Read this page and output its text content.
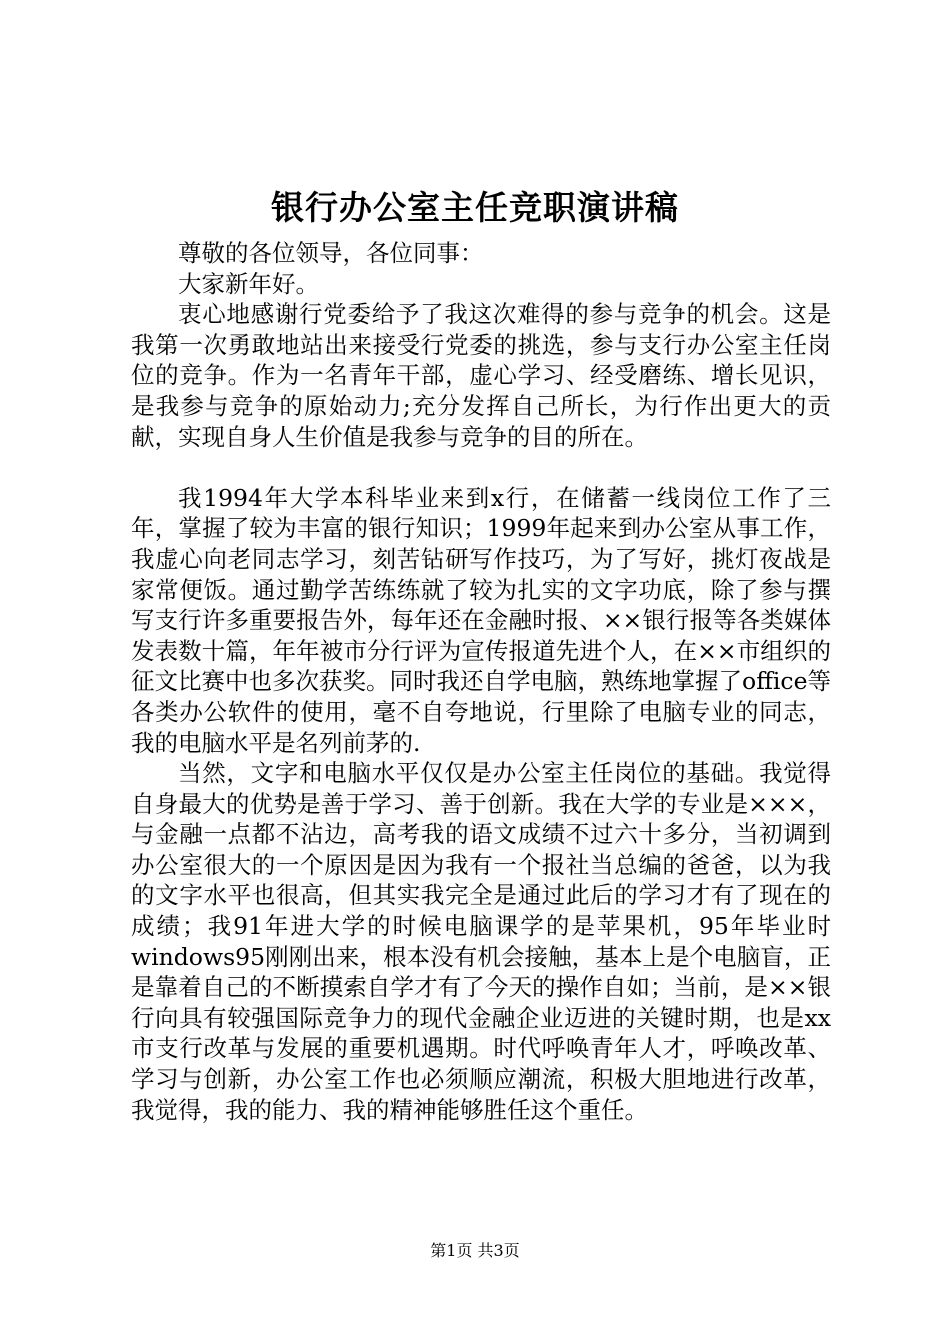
银行办公室主任竞职演讲稿

尊敬的各位领导，各位同事：

大家新年好。

衷心地感谢行党委给予了我这次难得的参与竞争的机会。这是我第一次勇敢地站出来接受行党委的挑选，参与支行办公室主任岗位的竞争。作为一名青年干部，虚心学习、经受磨练、增长见识，是我参与竞争的原始动力;充分发挥自己所长，为行作出更大的贡献，实现自身人生价值是我参与竞争的目的所在。

我1994年大学本科毕业来到x行，在储蓄一线岗位工作了三年，掌握了较为丰富的银行知识；1999年起来到办公室从事工作，我虚心向老同志学习，刻苦钻研写作技巧，为了写好，挑灯夜战是家常便饭。通过勤学苦练练就了较为扎实的文字功底，除了参与撰写支行许多重要报告外，每年还在金融时报、××银行报等各类媒体发表数十篇，年年被市分行评为宣传报道先进个人，在××市组织的征文比赛中也多次获奖。同时我还自学电脑，熟练地掌握了office等各类办公软件的使用，毫不自夸地说，行里除了电脑专业的同志，我的电脑水平是名列前茅的.

当然，文字和电脑水平仅仅是办公室主任岗位的基础。我觉得自身最大的优势是善于学习、善于创新。我在大学的专业是×××，与金融一点都不沾边，高考我的语文成绩不过六十多分，当初调到办公室很大的一个原因是因为我有一个报社当总编的爸爸，以为我的文字水平也很高，但其实我完全是通过此后的学习才有了现在的成绩；我91年进大学的时候电脑课学的是苹果机，95年毕业时windows95刚刚出来，根本没有机会接触，基本上是个电脑盲，正是靠着自己的不断摸索自学才有了今天的操作自如；当前，是××银行向具有较强国际竞争力的现代金融企业迈进的关键时期，也是xx市支行改革与发展的重要机遇期。时代呼唤青年人才，呼唤改革、学习与创新，办公室工作也必须顺应潮流，积极大胆地进行改革，我觉得，我的能力、我的精神能够胜任这个重任。

第1页 共3页
